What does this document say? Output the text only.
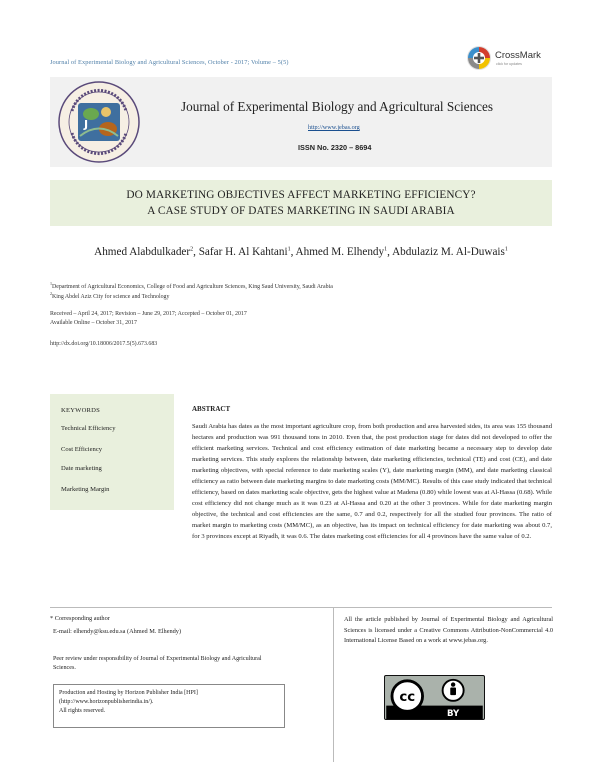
Journal of Experimental Biology and Agricultural Sciences, October - 2017; Volume – 5(5)
CrossMark
click for updates
J
Journal of Experimental Biology and Agricultural Sciences
http://www.jebas.org
ISSN No. 2320 – 8694
DO MARKETING OBJECTIVES AFFECT MARKETING EFFICIENCY?
A CASE STUDY OF DATES MARKETING IN SAUDI ARABIA
Ahmed Alabdulkader$^2$, Safar H. Al Kahtani$^1$, Ahmed M. Elhendy$^1$, Abdulaziz M. Al-Duwais$^1$
$^1$Department of Agricultural Economics, College of Food and Agriculture Sciences, King Saud University, Saudi Arabia
$^2$King Abdel Aziz City for science and Technology
Received – April 24, 2017; Revision – June 29, 2017; Accepted – October 01, 2017
Available Online – October 31, 2017
http://dx.doi.org/10.18006/2017.5(5).673.683
KEYWORDS
Technical Efficiency
Cost Efficiency
Date marketing
Marketing Margin
ABSTRACT
Saudi Arabia has dates as the most important agriculture crop, from both production and area harvested sides, its area was 155 thousand hectares and production was 991 thousand tons in 2010. Even that, the post production stage for dates did not developed to offer the efficient marketing services. Technical and cost efficiency estimation of date marketing became a necessary step to develop date marketing services. This study explores the relationship between, date marketing efficiencies, technical (TE) and cost (CE), and date marketing objectives, with special reference to date marketing scales (Y), date marketing margin (MM), and date marketing classical efficiency as ratio between date marketing margins to date marketing costs (MM/MC). Results of this case study indicated that technical efficiency, based on dates marketing scale objective, gets the highest value at Madena (0.80) while lowest was at Al-Hassa (0.68). While cost efficiency did not change much as it was 0.23 at Al-Hassa and 0.20 at the other 3 provinces. While for date marketing margin objective, the technical and cost efficiencies are the same, 0.7 and 0.2, respectively for all the studied four provinces. The ratio of market margin to marketing costs (MM/MC), as an objective, has its impact on technical efficiency for date marketing was about 0.7, for 3 provinces except at Riyadh, it was 0.6. The dates marketing cost efficiencies for all 4 provinces have the same value of 0.2.
* Corresponding author
E-mail: elhendy@ksu.edu.sa (Ahmed M. Elhendy)
Peer review under responsibility of Journal of Experimental Biology and Agricultural Sciences.
Production and Hosting by Horizon Publisher India [HPI]
(http://www.horizonpublisherindia.in/).
All rights reserved.
All the article published by Journal of Experimental Biology and Agricultural Sciences is licensed under a Creative Commons Attribution-NonCommercial 4.0 International License Based on a work at www.jebas.org.
cc
BY
